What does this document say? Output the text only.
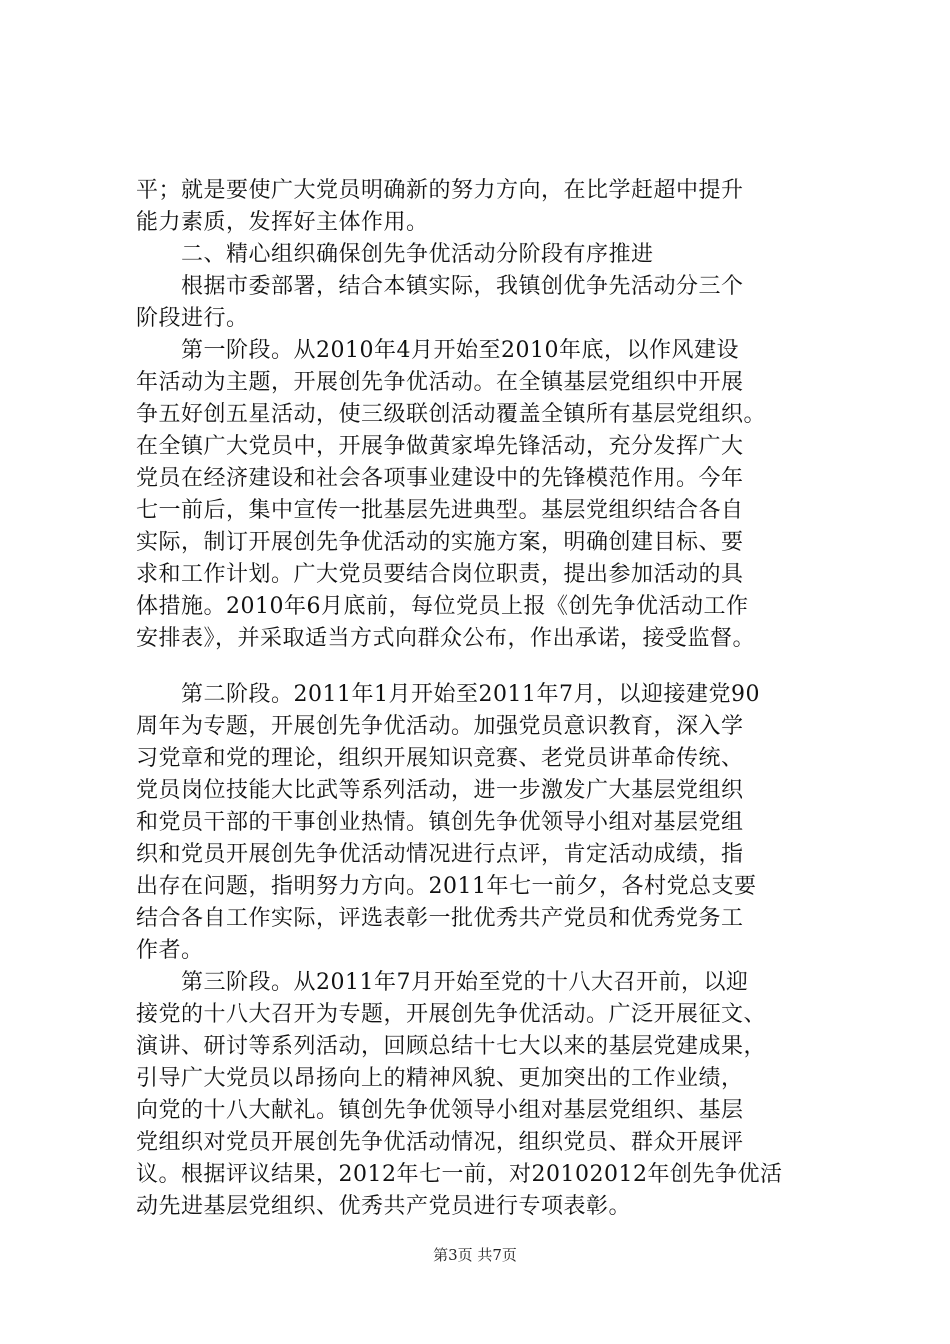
平；就是要使广大党员明确新的努力方向，在比学赶超中提升

能力素质，发挥好主体作用。

　　二、精心组织确保创先争优活动分阶段有序推进

　　根据市委部署，结合本镇实际，我镇创优争先活动分三个

阶段进行。

　　第一阶段。从2010年4月开始至2010年底，以作风建设

年活动为主题，开展创先争优活动。在全镇基层党组织中开展

争五好创五星活动，使三级联创活动覆盖全镇所有基层党组织。

在全镇广大党员中，开展争做黄家埠先锋活动，充分发挥广大

党员在经济建设和社会各项事业建设中的先锋模范作用。今年

七一前后，集中宣传一批基层先进典型。基层党组织结合各自

实际，制订开展创先争优活动的实施方案，明确创建目标、要

求和工作计划。广大党员要结合岗位职责，提出参加活动的具

体措施。2010年6月底前，每位党员上报《创先争优活动工作

安排表》，并采取适当方式向群众公布，作出承诺，接受监督。

　　第二阶段。2011年1月开始至2011年7月，以迎接建党90

周年为专题，开展创先争优活动。加强党员意识教育，深入学

习党章和党的理论，组织开展知识竞赛、老党员讲革命传统、

党员岗位技能大比武等系列活动，进一步激发广大基层党组织

和党员干部的干事创业热情。镇创先争优领导小组对基层党组

织和党员开展创先争优活动情况进行点评，肯定活动成绩，指

出存在问题，指明努力方向。2011年七一前夕，各村党总支要

结合各自工作实际，评选表彰一批优秀共产党员和优秀党务工

作者。

　　第三阶段。从2011年7月开始至党的十八大召开前，以迎

接党的十八大召开为专题，开展创先争优活动。广泛开展征文、

演讲、研讨等系列活动，回顾总结十七大以来的基层党建成果，

引导广大党员以昂扬向上的精神风貌、更加突出的工作业绩，

向党的十八大献礼。镇创先争优领导小组对基层党组织、基层

党组织对党员开展创先争优活动情况，组织党员、群众开展评

议。根据评议结果，2012年七一前，对20102012年创先争优活

动先进基层党组织、优秀共产党员进行专项表彰。

第3页 共7页
